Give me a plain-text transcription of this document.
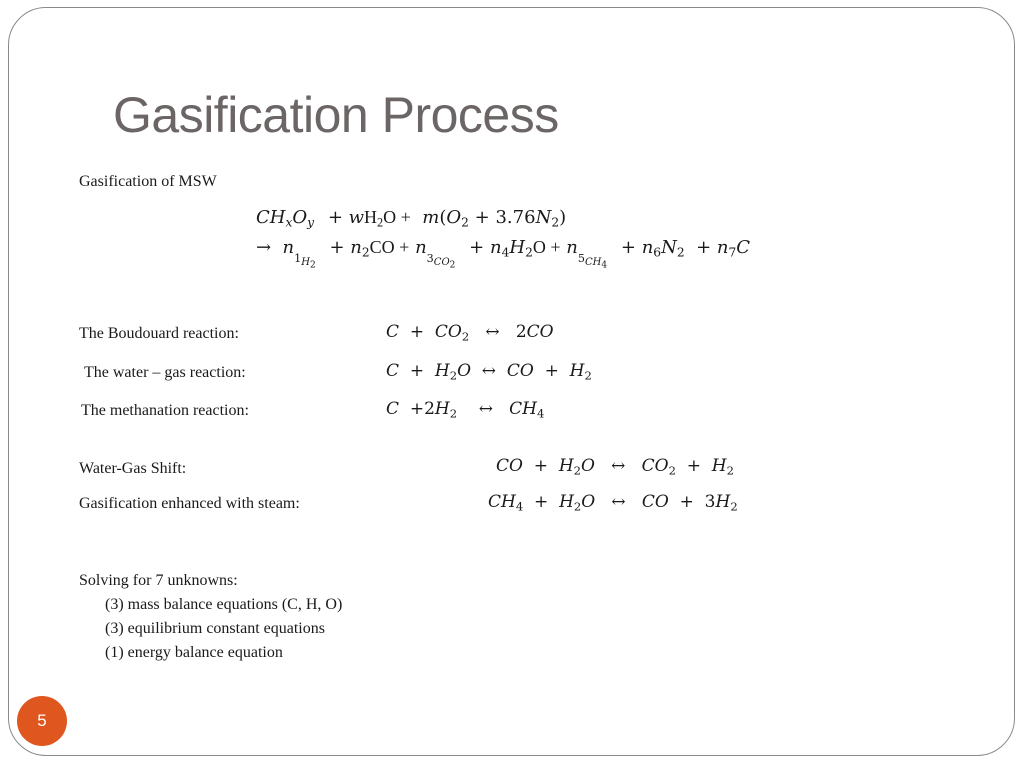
Gasification Process
Gasification of MSW
$CH_xO_y + wH_2O + m(O_2 + 3.76N_2)$
→  $n_{1_{H_2}} + n_2CO + n_{3_{CO_2}} + n_4H_2O + n_{5_{CH_4}} + n_6N_2 + n_7C$
The Boudouard reaction:	$C + CO_2$   ↔   2CO
The water – gas reaction:	$C + H_2O$  ↔  CO  +  $H_2$
The methanation reaction:	$C +2H_2$    ↔   $CH_4$
Water-Gas Shift:	CO  +  $H_2O$   ↔   $CO_2 + H_2$
Gasification enhanced with steam:	$CH_4 + H_2O$   ↔   CO  +  $3H_2$
Solving for 7 unknowns:
(3) mass balance equations (C, H, O)
(3) equilibrium constant equations
(1) energy balance equation
5
